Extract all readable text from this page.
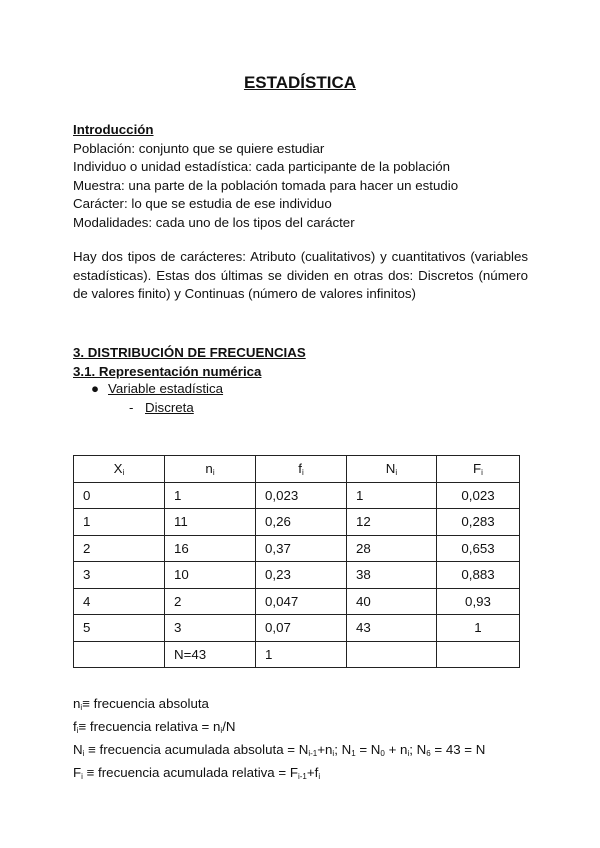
ESTADÍSTICA
Introducción
Población: conjunto que se quiere estudiar
Individuo o unidad estadística: cada participante de la población
Muestra: una parte de la población tomada para hacer un estudio
Carácter: lo que se estudia de ese individuo
Modalidades: cada uno de los tipos del carácter
Hay dos tipos de carácteres: Atributo (cualitativos) y cuantitativos (variables estadísticas). Estas dos últimas se dividen en otras dos: Discretos (número de valores finito) y Continuas (número de valores infinitos)
3. DISTRIBUCIÓN DE FRECUENCIAS
3.1. Representación numérica
● Variable estadística
- Discreta
$X_i$	$n_i$	$f_i$	$N_i$	$F_i$
0	1	0,023	1	0,023
1	11	0,26	12	0,283
2	16	0,37	28	0,653
3	10	0,23	38	0,883
4	2	0,047	40	0,93
5	3	0,07	43	1
	N=43	1		
$n_i\equiv$ frecuencia absoluta
$f_i\equiv$ frecuencia relativa = $n_i/N$
$N_i$ ≡ frecuencia acumulada absoluta = $N_{i-1}+n_i$; $N_1 = N_0 + n_i$; $N_6 = 43 = N$
$F_i$ ≡ frecuencia acumulada relativa = $F_{i-1}+f_i$
